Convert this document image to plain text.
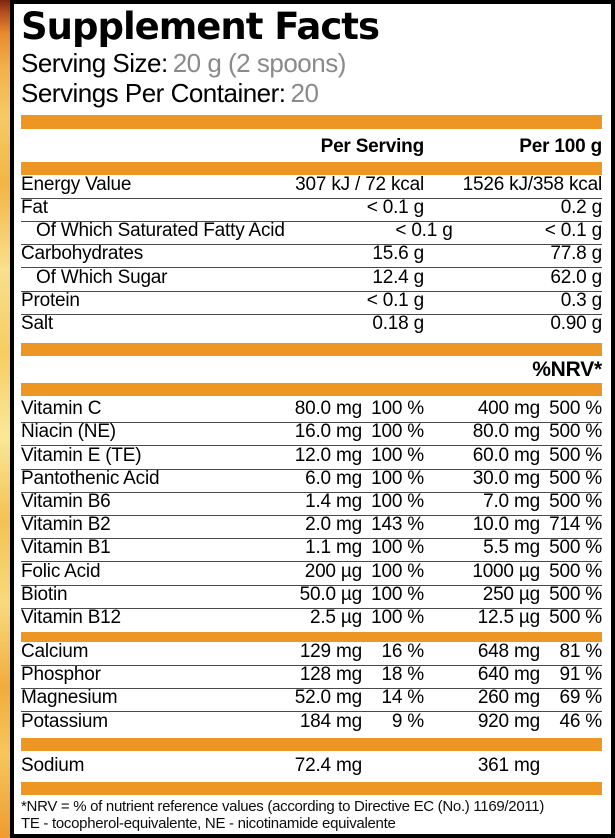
Supplement Facts
Serving Size: 20 g (2 spoons)
Servings Per Container: 20
Per Serving	Per 100 g
Energy Value	307 kJ / 72 kcal	1526 kJ/358 kcal
Fat	< 0.1 g	0.2 g
Of Which Saturated Fatty Acid	< 0.1 g	< 0.1 g
Carbohydrates	15.6 g	77.8 g
Of Which Sugar	12.4 g	62.0 g
Protein	< 0.1 g	0.3 g
Salt	0.18 g	0.90 g
%NRV*
Vitamin C	80.0 mg 100 %	400 mg 500 %
Niacin (NE)	16.0 mg 100 %	80.0 mg 500 %
Vitamin E (TE)	12.0 mg 100 %	60.0 mg 500 %
Pantothenic Acid	6.0 mg 100 %	30.0 mg 500 %
Vitamin B6	1.4 mg 100 %	7.0 mg 500 %
Vitamin B2	2.0 mg 143 %	10.0 mg 714 %
Vitamin B1	1.1 mg 100 %	5.5 mg 500 %
Folic Acid	200 µg 100 %	1000 µg 500 %
Biotin	50.0 µg 100 %	250 µg 500 %
Vitamin B12	2.5 µg 100 %	12.5 µg 500 %
Calcium	129 mg	16 %	648 mg	81 %
Phosphor	128 mg	18 %	640 mg	91 %
Magnesium	52.0 mg	14 %	260 mg	69 %
Potassium	184 mg	9 %	920 mg	46 %
Sodium	72.4 mg	361 mg
*NRV = % of nutrient reference values (according to Directive EC (No.) 1169/2011)
TE - tocopherol-equivalente, NE - nicotinamide equivalente
